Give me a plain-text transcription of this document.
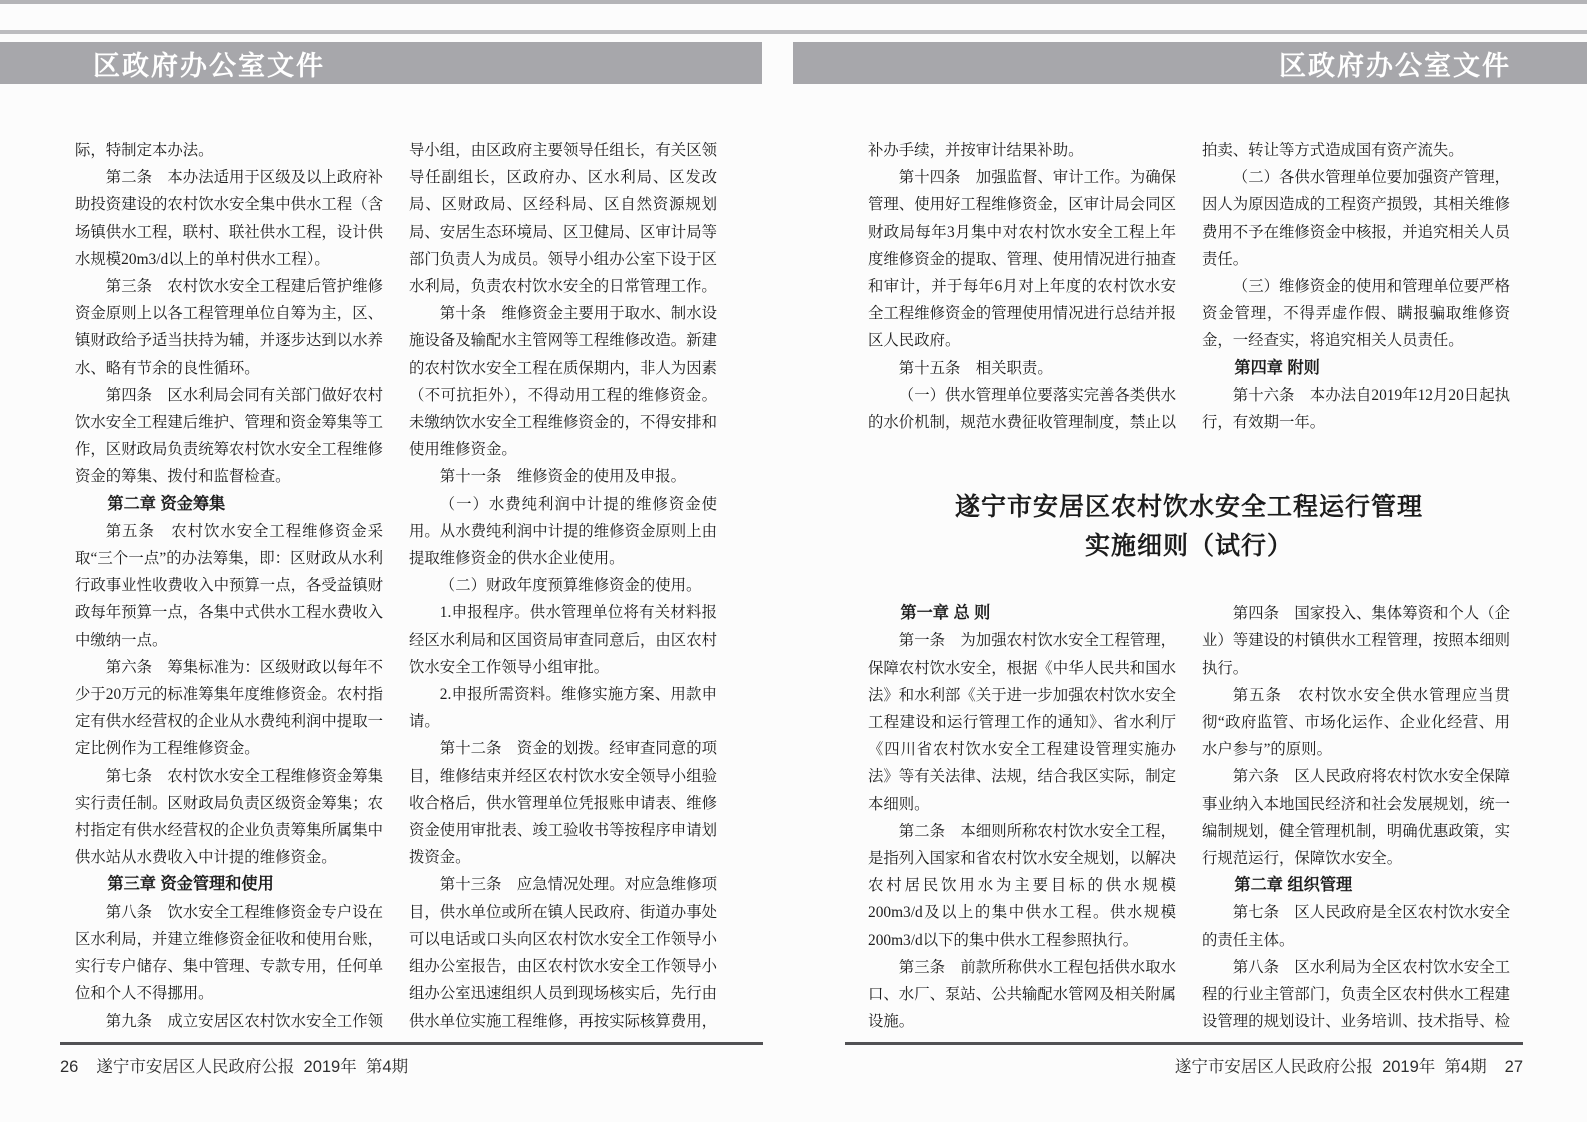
区政府办公室文件	区政府办公室文件
际，特制定本办法。
第二条　本办法适用于区级及以上政府补助投资建设的农村饮水安全集中供水工程（含场镇供水工程，联村、联社供水工程，设计供水规模20m3/d以上的单村供水工程）。
第三条　农村饮水安全工程建后管护维修资金原则上以各工程管理单位自筹为主，区、镇财政给予适当扶持为辅，并逐步达到以水养水、略有节余的良性循环。
第四条　区水利局会同有关部门做好农村饮水安全工程建后维护、管理和资金筹集等工作，区财政局负责统筹农村饮水安全工程维修资金的筹集、拨付和监督检查。
第二章 资金筹集
第五条　农村饮水安全工程维修资金采取“三个一点”的办法筹集，即：区财政从水利行政事业性收费收入中预算一点，各受益镇财政每年预算一点，各集中式供水工程水费收入中缴纳一点。
第六条　筹集标准为：区级财政以每年不少于20万元的标准筹集年度维修资金。农村指定有供水经营权的企业从水费纯利润中提取一定比例作为工程维修资金。
第七条　农村饮水安全工程维修资金筹集实行责任制。区财政局负责区级资金筹集；农村指定有供水经营权的企业负责筹集所属集中供水站从水费收入中计提的维修资金。
第三章 资金管理和使用
第八条　饮水安全工程维修资金专户设在区水利局，并建立维修资金征收和使用台账，实行专户储存、集中管理、专款专用，任何单位和个人不得挪用。
第九条　成立安居区农村饮水安全工作领
导小组，由区政府主要领导任组长，有关区领导任副组长，区政府办、区水利局、区发改局、区财政局、区经科局、区自然资源规划局、安居生态环境局、区卫健局、区审计局等部门负责人为成员。领导小组办公室下设于区水利局，负责农村饮水安全的日常管理工作。
第十条　维修资金主要用于取水、制水设施设备及输配水主管网等工程维修改造。新建的农村饮水安全工程在质保期内，非人为因素（不可抗拒外），不得动用工程的维修资金。未缴纳饮水安全工程维修资金的，不得安排和使用维修资金。
第十一条　维修资金的使用及申报。
（一）水费纯利润中计提的维修资金使用。从水费纯利润中计提的维修资金原则上由提取维修资金的供水企业使用。
（二）财政年度预算维修资金的使用。
1.申报程序。供水管理单位将有关材料报经区水利局和区国资局审查同意后，由区农村饮水安全工作领导小组审批。
2.申报所需资料。维修实施方案、用款申请。
第十二条　资金的划拨。经审查同意的项目，维修结束并经区农村饮水安全领导小组验收合格后，供水管理单位凭报账申请表、维修资金使用审批表、竣工验收书等按程序申请划拨资金。
第十三条　应急情况处理。对应急维修项目，供水单位或所在镇人民政府、街道办事处可以电话或口头向区农村饮水安全工作领导小组办公室报告，由区农村饮水安全工作领导小组办公室迅速组织人员到现场核实后，先行由供水单位实施工程维修，再按实际核算费用，
补办手续，并按审计结果补助。
第十四条　加强监督、审计工作。为确保管理、使用好工程维修资金，区审计局会同区财政局每年3月集中对农村饮水安全工程上年度维修资金的提取、管理、使用情况进行抽查和审计，并于每年6月对上年度的农村饮水安全工程维修资金的管理使用情况进行总结并报区人民政府。
第十五条　相关职责。
（一）供水管理单位要落实完善各类供水的水价机制，规范水费征收管理制度，禁止以
拍卖、转让等方式造成国有资产流失。
（二）各供水管理单位要加强资产管理，因人为原因造成的工程资产损毁，其相关维修费用不予在维修资金中核报，并追究相关人员责任。
（三）维修资金的使用和管理单位要严格资金管理，不得弄虚作假、瞒报骗取维修资金，一经查实，将追究相关人员责任。
第四章 附则
第十六条　本办法自2019年12月20日起执行，有效期一年。
遂宁市安居区农村饮水安全工程运行管理
实施细则（试行）
第一章 总 则
第一条　为加强农村饮水安全工程管理，保障农村饮水安全，根据《中华人民共和国水法》和水利部《关于进一步加强农村饮水安全工程建设和运行管理工作的通知》、省水利厅《四川省农村饮水安全工程建设管理实施办法》等有关法律、法规，结合我区实际，制定本细则。
第二条　本细则所称农村饮水安全工程，是指列入国家和省农村饮水安全规划，以解决农村居民饮用水为主要目标的供水规模200m3/d及以上的集中供水工程。供水规模200m3/d以下的集中供水工程参照执行。
第三条　前款所称供水工程包括供水取水口、水厂、泵站、公共输配水管网及相关附属设施。
第四条　国家投入、集体筹资和个人（企业）等建设的村镇供水工程管理，按照本细则执行。
第五条　农村饮水安全供水管理应当贯彻“政府监管、市场化运作、企业化经营、用水户参与”的原则。
第六条　区人民政府将农村饮水安全保障事业纳入本地国民经济和社会发展规划，统一编制规划，健全管理机制，明确优惠政策，实行规范运行，保障饮水安全。
第二章 组织管理
第七条　区人民政府是全区农村饮水安全的责任主体。
第八条　区水利局为全区农村饮水安全工程的行业主管部门，负责全区农村供水工程建设管理的规划设计、业务培训、技术指导、检
26 遂宁市安居区人民政府公报  2019年  第4期	遂宁市安居区人民政府公报  2019年  第4期 27
